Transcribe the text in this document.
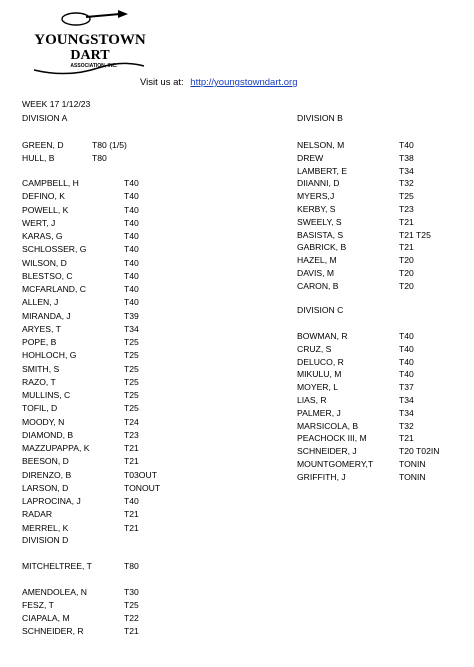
YOUNGSTOWN
DART
ASSOCIATION, INC.
Visit us at: http://youngstowndart.org
WEEK 17 1/12/23
DIVISION A
GREEN, D	T80 (1/5)
HULL, B	T80
CAMPBELL, H	T40
DEFINO, K	T40
POWELL, K	T40
WERT, J	T40
KARAS, G	T40
SCHLOSSER, G	T40
WILSON, D	T40
BLESTSO, C	T40
MCFARLAND, C	T40
ALLEN, J	T40
MIRANDA, J	T39
ARYES, T	T34
POPE, B	T25
HOHLOCH, G	T25
SMITH, S	T25
RAZO, T	T25
MULLINS, C	T25
TOFIL, D	T25
MOODY, N	T24
DIAMOND, B	T23
MAZZUPAPPA, K	T21
BEESON, D	T21
DIRENZO, B	T03OUT
LARSON, D	TONOUT
LAPROCINA, J	T40
RADAR	T21
MERREL, K	T21
DIVISION D
MITCHELTREE, T	T80
AMENDOLEA, N	T30
FESZ, T	T25
CIAPALA, M	T22
SCHNEIDER, R	T21
DIVISION B
NELSON, M	T40
DREW	T38
LAMBERT, E	T34
DIIANNI, D	T32
MYERS,J	T25
KERBY, S	T23
SWEELY, S	T21
BASISTA, S	T21 T25
GABRICK, B	T21
HAZEL, M	T20
DAVIS, M	T20
CARON, B	T20
DIVISION C
BOWMAN, R	T40
CRUZ, S	T40
DELUCO, R	T40
MIKULU, M	T40
MOYER, L	T37
LIAS, R	T34
PALMER, J	T34
MARSICOLA, B	T32
PEACHOCK III, M	T21
SCHNEIDER, J	T20 T02IN
MOUNTGOMERY,T	TONIN
GRIFFITH, J	TONIN
